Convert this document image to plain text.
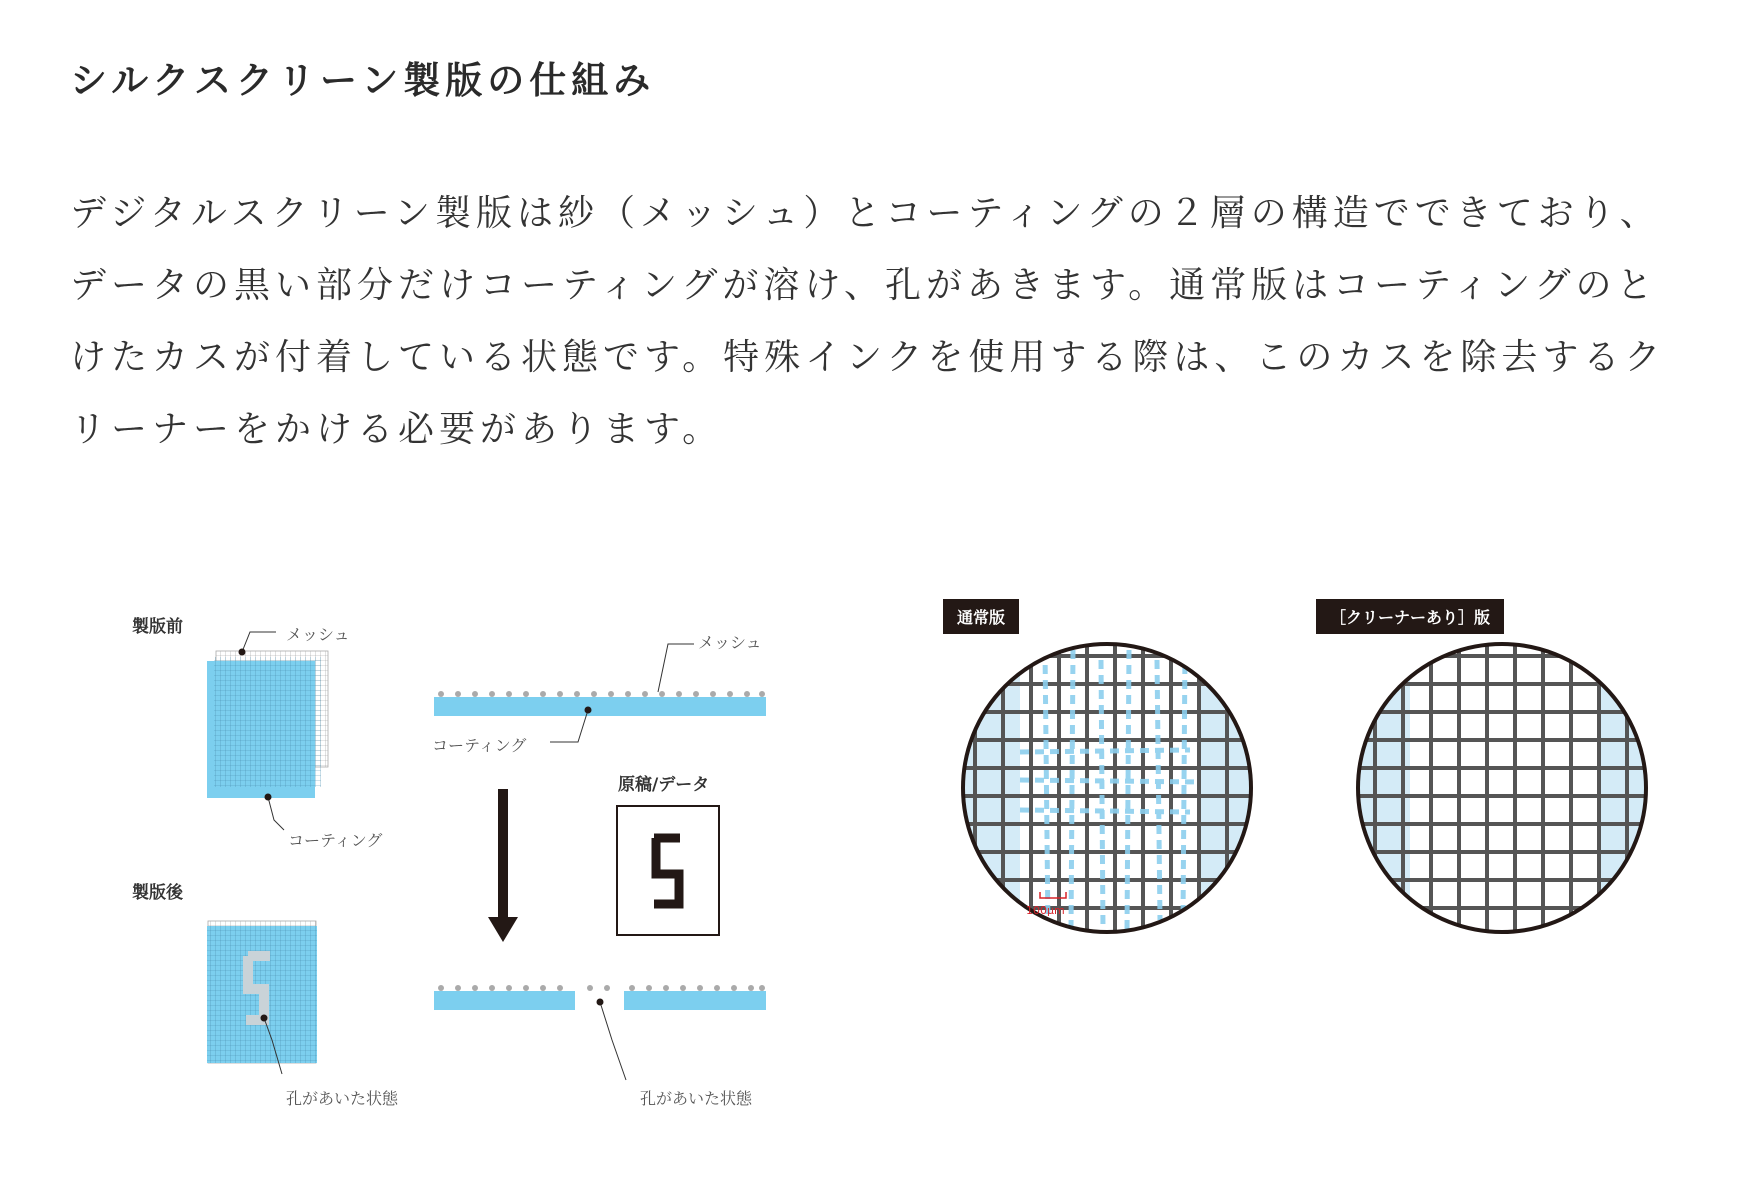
シルクスクリーン製版の仕組み

デジタルスクリーン製版は紗（メッシュ）とコーティングの２層の構造でできており、データの黒い部分だけコーティングが溶け、孔があきます。通常版はコーティングのとけたカスが付着している状態です。特殊インクを使用する際は、このカスを除去するクリーナーをかける必要があります。

製版前	メッシュ
コーティング
製版後
孔があいた状態
メッシュ
コーティング
原稿/データ
孔があいた状態
通常版	［クリーナーあり］版
100μm
